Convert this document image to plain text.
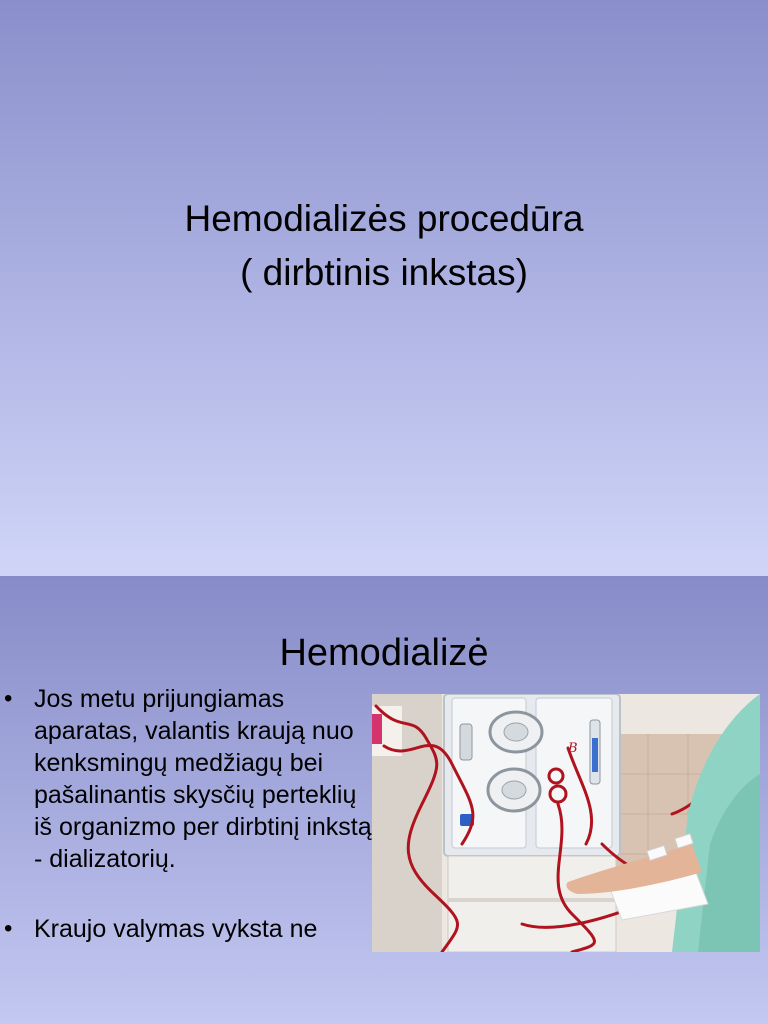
Hemodializės procedūra
( dirbtinis inkstas)
Hemodializė
• Jos metu prijungiamas aparatas, valantis kraują nuo kenksmingų medžiagų bei pašalinantis skysčių perteklių iš organizmo per dirbtinį inkstą - dializatorių.
• Kraujo valymas vyksta ne
B
